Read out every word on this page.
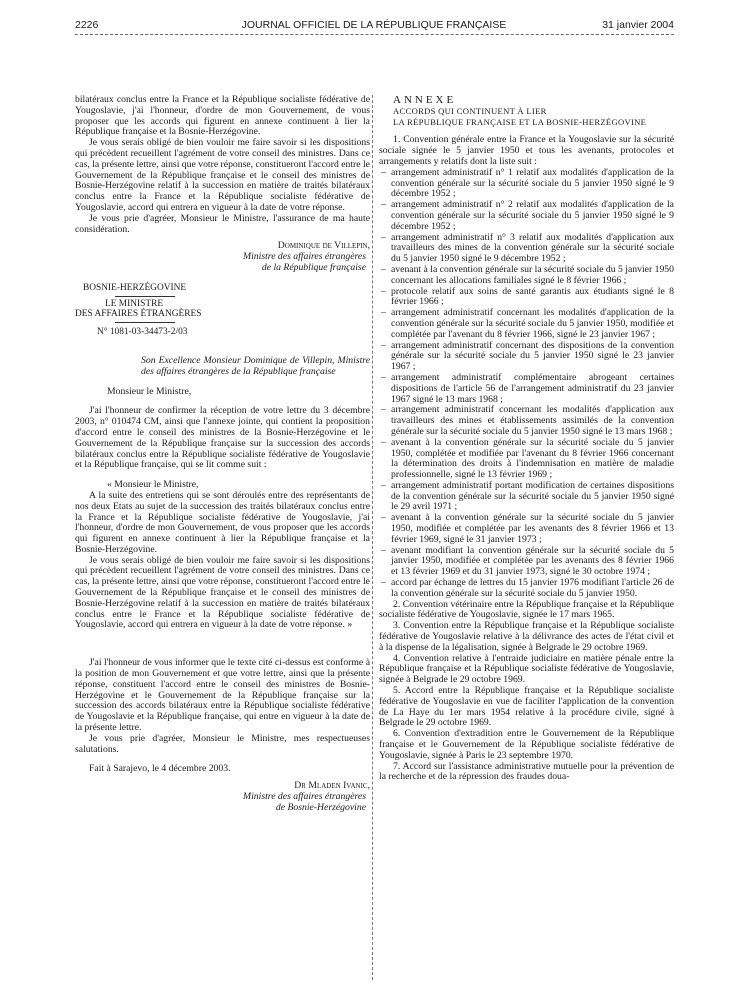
2226	JOURNAL OFFICIEL DE LA RÉPUBLIQUE FRANÇAISE	31 janvier 2004

bilatéraux conclus entre la France et la République socialiste fédérative de Yougoslavie, j'ai l'honneur, d'ordre de mon Gouvernement, de vous proposer que les accords qui figurent en annexe continuent à lier la République française et la Bosnie-Herzégovine.

Je vous serais obligé de bien vouloir me faire savoir si les dispositions qui précèdent recueillent l'agrément de votre conseil des ministres. Dans ce cas, la présente lettre, ainsi que votre réponse, constitueront l'accord entre le Gouvernement de la République française et le conseil des ministres de Bosnie-Herzégovine relatif à la succession en matière de traités bilatéraux conclus entre la France et la République socialiste fédérative de Yougoslavie, accord qui entrera en vigueur à la date de votre réponse.

Je vous prie d'agréer, Monsieur le Ministre, l'assurance de ma haute considération.

Dominique de Villepin,
Ministre des affaires étrangères
de la République française

BOSNIE-HERZÉGOVINE

LE MINISTRE

DES AFFAIRES ÉTRANGÈRES

N° 1081-03-34473-2/03

Son Excellence Monsieur Dominique de Villepin, Ministre des affaires étrangères de la République française

Monsieur le Ministre,

J'ai l'honneur de confirmer la réception de votre lettre du 3 décembre 2003, n° 010474 CM, ainsi que l'annexe jointe, qui contient la proposition d'accord entre le conseil des ministres de la Bosnie-Herzégovine et le Gouvernement de la République française sur la succession des accords bilatéraux conclus entre la République socialiste fédérative de Yougoslavie et la République française, qui se lit comme suit :

« Monsieur le Ministre,

A la suite des entretiens qui se sont déroulés entre des représentants de nos deux Etats au sujet de la succession des traités bilatéraux conclus entre la France et la République socialiste fédérative de Yougoslavie, j'ai l'honneur, d'ordre de mon Gouvernement, de vous proposer que les accords qui figurent en annexe continuent à lier la République française et la Bosnie-Herzégovine.

Je vous serais obligé de bien vouloir me faire savoir si les dispositions qui précèdent recueillent l'agrément de votre conseil des ministres. Dans ce cas, la présente lettre, ainsi que votre réponse, constitueront l'accord entre le Gouvernement de la République française et le conseil des ministres de Bosnie-Herzégovine relatif à la succession en matière de traités bilatéraux conclus entre le France et la République socialiste fédérative de Yougoslavie, accord qui entrera en vigueur à la date de votre réponse. »

J'ai l'honneur de vous informer que le texte cité ci-dessus est conforme à la position de mon Gouvernement et que votre lettre, ainsi que la présente réponse, constituent l'accord entre le conseil des ministres de Bosnie-Herzégovine et le Gouvernement de la République française sur la succession des accords bilatéraux entre la République socialiste fédérative de Yougoslavie et la République française, qui entre en vigueur à la date de la présente lettre.

Je vous prie d'agréer, Monsieur le Ministre, mes respectueuses salutations.

Fait à Sarajevo, le 4 décembre 2003.

Dr Mladen Ivanic,
Ministre des affaires étrangères
de Bosnie-Herzégovine

ANNEXE

ACCORDS QUI CONTINUENT À LIER

LA RÉPUBLIQUE FRANÇAISE ET LA BOSNIE-HERZÉGOVINE

1. Convention générale entre la France et la Yougoslavie sur la sécurité sociale signée le 5 janvier 1950 et tous les avenants, protocoles et arrangements y relatifs dont la liste suit :

– arrangement administratif n° 1 relatif aux modalités d'application de la convention générale sur la sécurité sociale du 5 janvier 1950 signé le 9 décembre 1952 ;
– arrangement administratif n° 2 relatif aux modalités d'application de la convention générale sur la sécurité sociale du 5 janvier 1950 signé le 9 décembre 1952 ;
– arrangement administratif n° 3 relatif aux modalités d'application aux travailleurs des mines de la convention générale sur la sécurité sociale du 5 janvier 1950 signé le 9 décembre 1952 ;
– avenant à la convention générale sur la sécurité sociale du 5 janvier 1950 concernant les allocations familiales signé le 8 février 1966 ;
– protocole relatif aux soins de santé garantis aux étudiants signé le 8 février 1966 ;
– arrangement administratif concernant les modalités d'application de la convention générale sur la sécurité sociale du 5 janvier 1950, modifiée et complétée par l'avenant du 8 février 1966, signé le 23 janvier 1967 ;
– arrangement administratif concernant des dispositions de la convention générale sur la sécurité sociale du 5 janvier 1950 signé le 23 janvier 1967 ;
– arrangement administratif complémentaire abrogeant certaines dispositions de l'article 56 de l'arrangement administratif du 23 janvier 1967 signé le 13 mars 1968 ;
– arrangement administratif concernant les modalités d'application aux travailleurs des mines et établissements assimilés de la convention générale sur la sécurité sociale du 5 janvier 1950 signé le 13 mars 1968 ;
– avenant à la convention générale sur la sécurité sociale du 5 janvier 1950, complétée et modifiée par l'avenant du 8 février 1966 concernant la détermination des droits à l'indemnisation en matière de maladie professionnelle, signé le 13 février 1969 ;
– arrangement administratif portant modification de certaines dispositions de la convention générale sur la sécurité sociale du 5 janvier 1950 signé le 29 avril 1971 ;
– avenant à la convention générale sur la sécurité sociale du 5 janvier 1950, modifiée et complétée par les avenants des 8 février 1966 et 13 février 1969, signé le 31 janvier 1973 ;
– avenant modifiant la convention générale sur la sécurité sociale du 5 janvier 1950, modifiée et complétée par les avenants des 8 février 1966 et 13 février 1969 et du 31 janvier 1973, signé le 30 octobre 1974 ;
– accord par échange de lettres du 15 janvier 1976 modifiant l'article 26 de la convention générale sur la sécurité sociale du 5 janvier 1950.

2. Convention vétérinaire entre la République française et la République socialiste fédérative de Yougoslavie, signée le 17 mars 1965.

3. Convention entre la République française et la République socialiste fédérative de Yougoslavie relative à la délivrance des actes de l'état civil et à la dispense de la légalisation, signée à Belgrade le 29 octobre 1969.

4. Convention relative à l'entraide judiciaire en matière pénale entre la République française et la République socialiste fédérative de Yougoslavie, signée à Belgrade le 29 octobre 1969.

5. Accord entre la République française et la République socialiste fédérative de Yougoslavie en vue de faciliter l'application de la convention de La Haye du 1er mars 1954 relative à la procédure civile, signé à Belgrade le 29 octobre 1969.

6. Convention d'extradition entre le Gouvernement de la République française et le Gouvernement de la République socialiste fédérative de Yougoslavie, signée à Paris le 23 septembre 1970.

7. Accord sur l'assistance administrative mutuelle pour la prévention de la recherche et de la répression des fraudes doua-
